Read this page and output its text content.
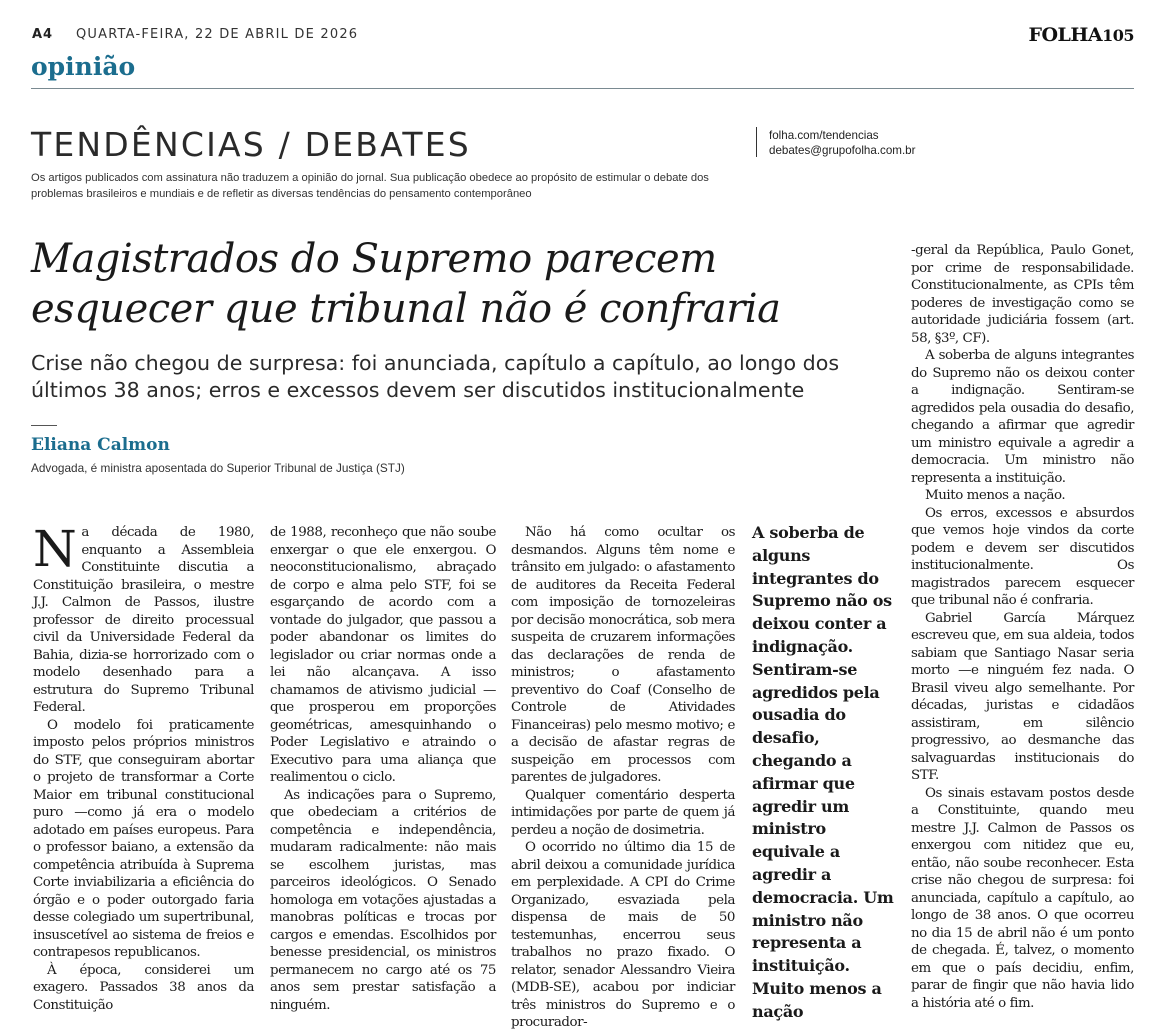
A4 QUARTA-FEIRA, 22 DE ABRIL DE 2026	FOLHA105
opinião
TENDÊNCIAS / DEBATES
Os artigos publicados com assinatura não traduzem a opinião do jornal. Sua publicação obedece ao propósito de estimular o debate dos problemas brasileiros e mundiais e de refletir as diversas tendências do pensamento contemporâneo
folha.com/tendencias
debates@grupofolha.com.br
Magistrados do Supremo parecem esquecer que tribunal não é confraria
Crise não chegou de surpresa: foi anunciada, capítulo a capítulo, ao longo dos últimos 38 anos; erros e excessos devem ser discutidos institucionalmente
Eliana Calmon
Advogada, é ministra aposentada do Superior Tribunal de Justiça (STJ)

Na década de 1980, enquanto a Assembleia Constituinte discutia a Constituição brasileira, o mestre J.J. Calmon de Passos, ilustre professor de direito processual civil da Universidade Federal da Bahia, dizia-se horrorizado com o modelo desenhado para a estrutura do Supremo Tribunal Federal.

O modelo foi praticamente imposto pelos próprios ministros do STF, que conseguiram abortar o projeto de transformar a Corte Maior em tribunal constitucional puro —como já era o modelo adotado em países europeus. Para o professor baiano, a extensão da competência atribuída à Suprema Corte inviabilizaria a eficiência do órgão e o poder outorgado faria desse colegiado um supertribunal, insuscetível ao sistema de freios e contrapesos republicanos.

À época, considerei um exagero. Passados 38 anos da Constituição

de 1988, reconheço que não soube enxergar o que ele enxergou. O neoconstitucionalismo, abraçado de corpo e alma pelo STF, foi se esgarçando de acordo com a vontade do julgador, que passou a poder abandonar os limites do legislador ou criar normas onde a lei não alcançava. A isso chamamos de ativismo judicial —que prosperou em proporções geométricas, amesquinhando o Poder Legislativo e atraindo o Executivo para uma aliança que realimentou o ciclo.

As indicações para o Supremo, que obedeciam a critérios de competência e independência, mudaram radicalmente: não mais se escolhem juristas, mas parceiros ideológicos. O Senado homologa em votações ajustadas a manobras políticas e trocas por cargos e emendas. Escolhidos por benesse presidencial, os ministros permanecem no cargo até os 75 anos sem prestar satisfação a ninguém.

Não há como ocultar os desmandos. Alguns têm nome e trânsito em julgado: o afastamento de auditores da Receita Federal com imposição de tornozeleiras por decisão monocrática, sob mera suspeita de cruzarem informações das declarações de renda de ministros; o afastamento preventivo do Coaf (Conselho de Controle de Atividades Financeiras) pelo mesmo motivo; e a decisão de afastar regras de suspeição em processos com parentes de julgadores.

Qualquer comentário desperta intimidações por parte de quem já perdeu a noção de dosimetria.

O ocorrido no último dia 15 de abril deixou a comunidade jurídica em perplexidade. A CPI do Crime Organizado, esvaziada pela dispensa de mais de 50 testemunhas, encerrou seus trabalhos no prazo fixado. O relator, senador Alessandro Vieira (MDB-SE), acabou por indiciar três ministros do Supremo e o procurador-

A soberba de alguns integrantes do Supremo não os deixou conter a indignação. Sentiram-se agredidos pela ousadia do desafio, chegando a afirmar que agredir um ministro equivale a agredir a democracia. Um ministro não representa a instituição. Muito menos a nação

-geral da República, Paulo Gonet, por crime de responsabilidade. Constitucionalmente, as CPIs têm poderes de investigação como se autoridade judiciária fossem (art. 58, §3º, CF).

A soberba de alguns integrantes do Supremo não os deixou conter a indignação. Sentiram-se agredidos pela ousadia do desafio, chegando a afirmar que agredir um ministro equivale a agredir a democracia. Um ministro não representa a instituição.

Muito menos a nação.

Os erros, excessos e absurdos que vemos hoje vindos da corte podem e devem ser discutidos institucionalmente. Os magistrados parecem esquecer que tribunal não é confraria.

Gabriel García Márquez escreveu que, em sua aldeia, todos sabiam que Santiago Nasar seria morto —e ninguém fez nada. O Brasil viveu algo semelhante. Por décadas, juristas e cidadãos assistiram, em silêncio progressivo, ao desmanche das salvaguardas institucionais do STF.

Os sinais estavam postos desde a Constituinte, quando meu mestre J.J. Calmon de Passos os enxergou com nitidez que eu, então, não soube reconhecer. Esta crise não chegou de surpresa: foi anunciada, capítulo a capítulo, ao longo de 38 anos. O que ocorreu no dia 15 de abril não é um ponto de chegada. É, talvez, o momento em que o país decidiu, enfim, parar de fingir que não havia lido a história até o fim.
